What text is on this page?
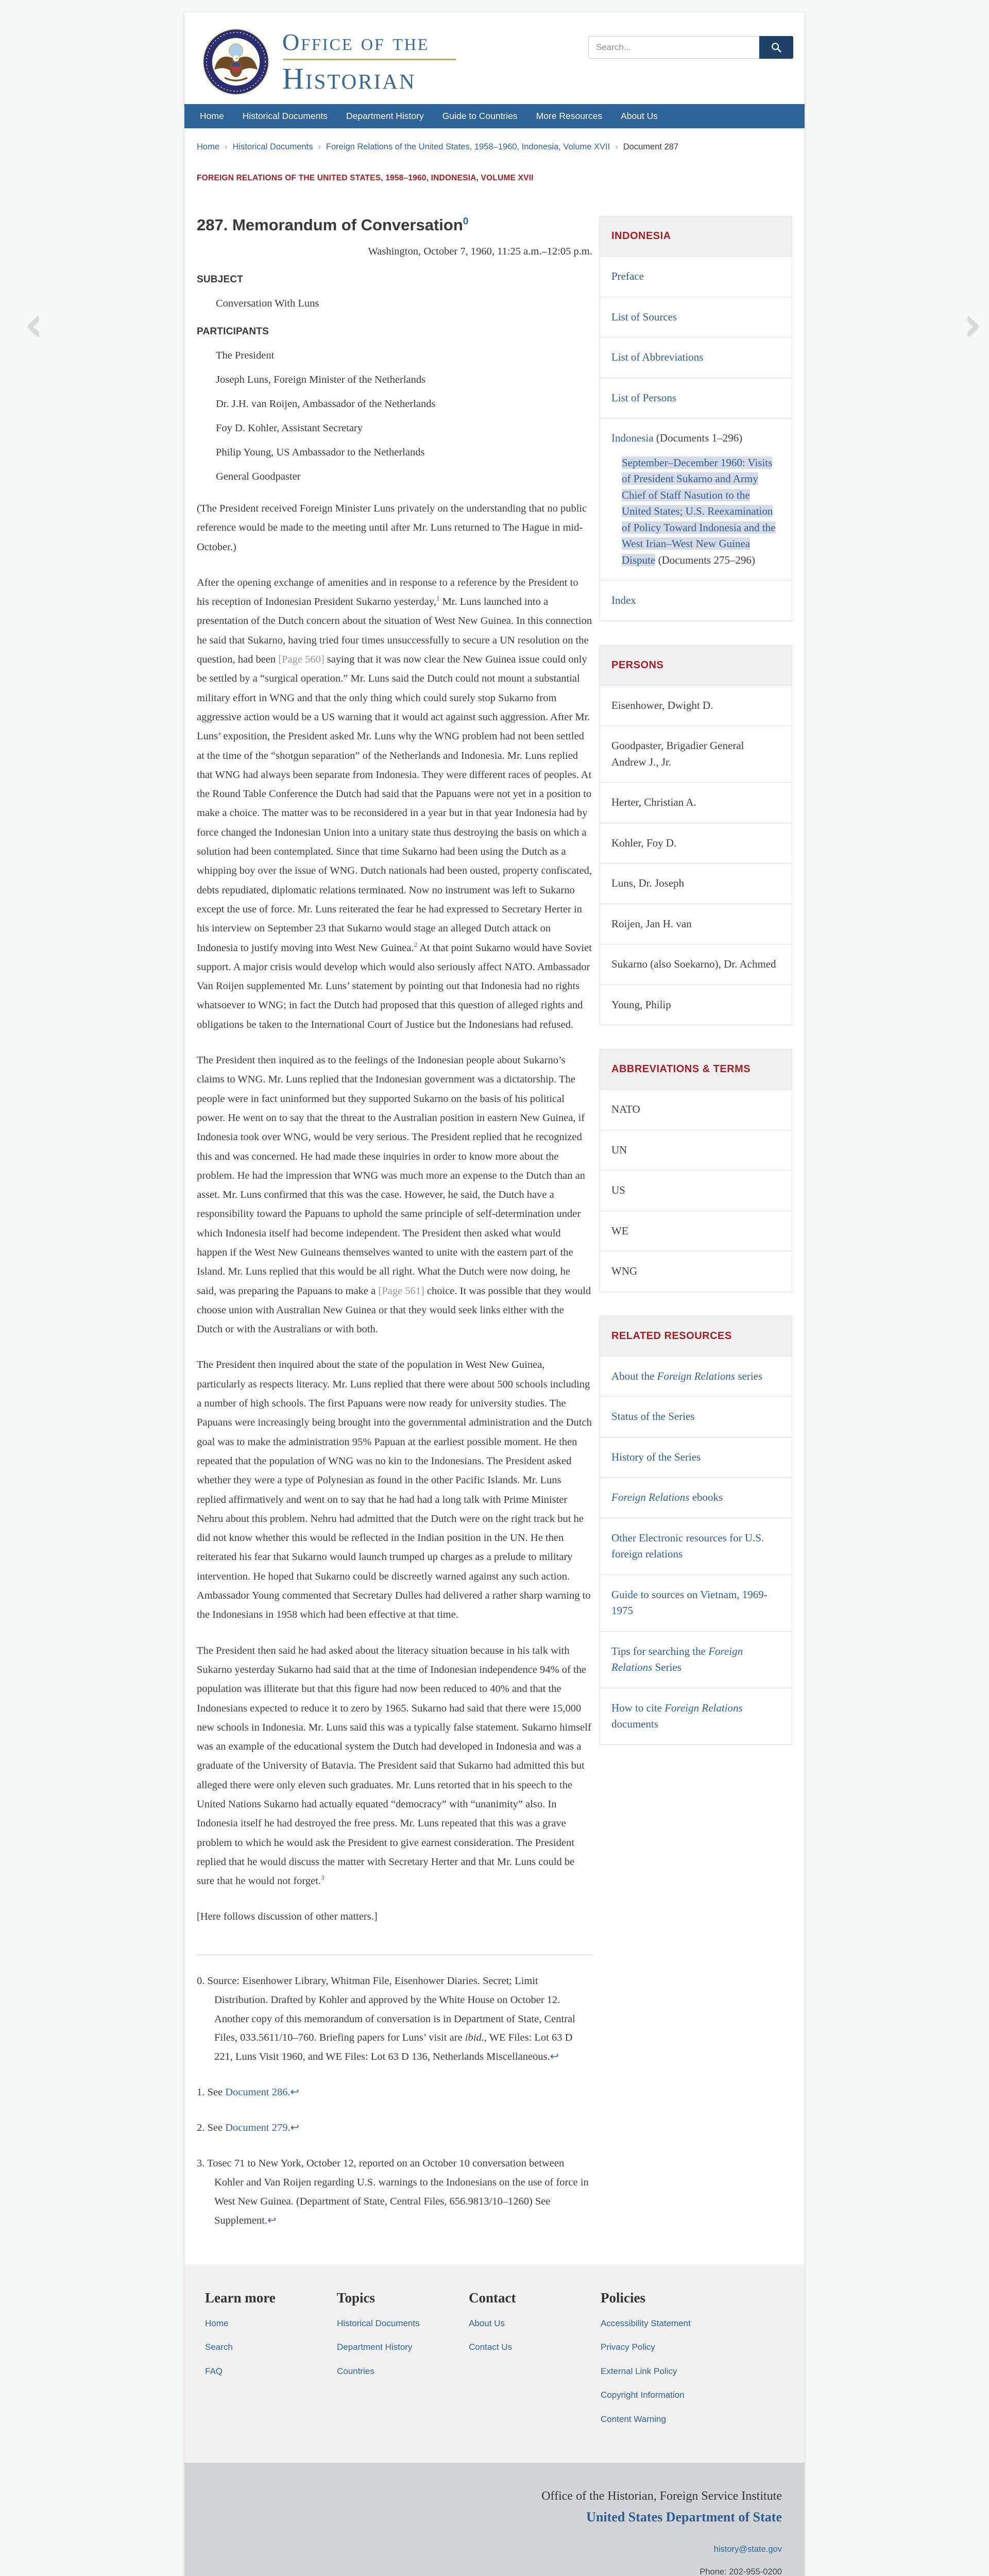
‹	›
Office of the
Historian
Search...
Home	Historical Documents	Department History	Guide to Countries	More Resources	About Us
Home › Historical Documents › Foreign Relations of the United States, 1958–1960, Indonesia, Volume XVII › Document 287
FOREIGN RELATIONS OF THE UNITED STATES, 1958–1960, INDONESIA, VOLUME XVII
287. Memorandum of Conversation$^0$
Washington, October 7, 1960, 11:25 a.m.–12:05 p.m.
SUBJECT
Conversation With Luns
PARTICIPANTS
The President
Joseph Luns, Foreign Minister of the Netherlands
Dr. J.H. van Roijen, Ambassador of the Netherlands
Foy D. Kohler, Assistant Secretary
Philip Young, US Ambassador to the Netherlands
General Goodpaster

(The President received Foreign Minister Luns privately on the understanding that no public reference would be made to the meeting until after Mr. Luns returned to The Hague in mid-October.)

After the opening exchange of amenities and in response to a reference by the President to his reception of Indonesian President Sukarno yesterday,$^1$ Mr. Luns launched into a presentation of the Dutch concern about the situation of West New Guinea. In this connection he said that Sukarno, having tried four times unsuccessfully to secure a UN resolution on the question, had been [Page 560] saying that it was now clear the New Guinea issue could only be settled by a “surgical operation.” Mr. Luns said the Dutch could not mount a substantial military effort in WNG and that the only thing which could surely stop Sukarno from aggressive action would be a US warning that it would act against such aggression. After Mr. Luns’ exposition, the President asked Mr. Luns why the WNG problem had not been settled at the time of the “shotgun separation” of the Netherlands and Indonesia. Mr. Luns replied that WNG had always been separate from Indonesia. They were different races of peoples. At the Round Table Conference the Dutch had said that the Papuans were not yet in a position to make a choice. The matter was to be reconsidered in a year but in that year Indonesia had by force changed the Indonesian Union into a unitary state thus destroying the basis on which a solution had been contemplated. Since that time Sukarno had been using the Dutch as a whipping boy over the issue of WNG. Dutch nationals had been ousted, property confiscated, debts repudiated, diplomatic relations terminated. Now no instrument was left to Sukarno except the use of force. Mr. Luns reiterated the fear he had expressed to Secretary Herter in his interview on September 23 that Sukarno would stage an alleged Dutch attack on Indonesia to justify moving into West New Guinea.$^2$ At that point Sukarno would have Soviet support. A major crisis would develop which would also seriously affect NATO. Ambassador Van Roijen supplemented Mr. Luns’ statement by pointing out that Indonesia had no rights whatsoever to WNG; in fact the Dutch had proposed that this question of alleged rights and obligations be taken to the International Court of Justice but the Indonesians had refused.

The President then inquired as to the feelings of the Indonesian people about Sukarno’s claims to WNG. Mr. Luns replied that the Indonesian government was a dictatorship. The people were in fact uninformed but they supported Sukarno on the basis of his political power. He went on to say that the threat to the Australian position in eastern New Guinea, if Indonesia took over WNG, would be very serious. The President replied that he recognized this and was concerned. He had made these inquiries in order to know more about the problem. He had the impression that WNG was much more an expense to the Dutch than an asset. Mr. Luns confirmed that this was the case. However, he said, the Dutch have a responsibility toward the Papuans to uphold the same principle of self-determination under which Indonesia itself had become independent. The President then asked what would happen if the West New Guineans themselves wanted to unite with the eastern part of the Island. Mr. Luns replied that this would be all right. What the Dutch were now doing, he said, was preparing the Papuans to make a [Page 561] choice. It was possible that they would choose union with Australian New Guinea or that they would seek links either with the Dutch or with the Australians or with both.

The President then inquired about the state of the population in West New Guinea, particularly as respects literacy. Mr. Luns replied that there were about 500 schools including a number of high schools. The first Papuans were now ready for university studies. The Papuans were increasingly being brought into the governmental administration and the Dutch goal was to make the administration 95% Papuan at the earliest possible moment. He then repeated that the population of WNG was no kin to the Indonesians. The President asked whether they were a type of Polynesian as found in the other Pacific Islands. Mr. Luns replied affirmatively and went on to say that he had had a long talk with Prime Minister Nehru about this problem. Nehru had admitted that the Dutch were on the right track but he did not know whether this would be reflected in the Indian position in the UN. He then reiterated his fear that Sukarno would launch trumped up charges as a prelude to military intervention. He hoped that Sukarno could be discreetly warned against any such action. Ambassador Young commented that Secretary Dulles had delivered a rather sharp warning to the Indonesians in 1958 which had been effective at that time.

The President then said he had asked about the literacy situation because in his talk with Sukarno yesterday Sukarno had said that at the time of Indonesian independence 94% of the population was illiterate but that this figure had now been reduced to 40% and that the Indonesians expected to reduce it to zero by 1965. Sukarno had said that there were 15,000 new schools in Indonesia. Mr. Luns said this was a typically false statement. Sukarno himself was an example of the educational system the Dutch had developed in Indonesia and was a graduate of the University of Batavia. The President said that Sukarno had admitted this but alleged there were only eleven such graduates. Mr. Luns retorted that in his speech to the United Nations Sukarno had actually equated “democracy” with “unanimity” also. In Indonesia itself he had destroyed the free press. Mr. Luns repeated that this was a grave problem to which he would ask the President to give earnest consideration. The President replied that he would discuss the matter with Secretary Herter and that Mr. Luns could be sure that he would not forget.$^3$

[Here follows discussion of other matters.]

0. Source: Eisenhower Library, Whitman File, Eisenhower Diaries. Secret; Limit Distribution. Drafted by Kohler and approved by the White House on October 12. Another copy of this memorandum of conversation is in Department of State, Central Files, 033.5611/10–760. Briefing papers for Luns’ visit are ibid., WE Files: Lot 63 D 221, Luns Visit 1960, and WE Files: Lot 63 D 136, Netherlands Miscellaneous.↩
1. See Document 286.↩
2. See Document 279.↩
3. Tosec 71 to New York, October 12, reported on an October 10 conversation between Kohler and Van Roijen regarding U.S. warnings to the Indonesians on the use of force in West New Guinea. (Department of State, Central Files, 656.9813/10–1260) See Supplement.↩
INDONESIA
Preface
List of Sources
List of Abbreviations
List of Persons
Indonesia (Documents 1–296)
September–December 1960: Visits of President Sukarno and Army Chief of Staff Nasution to the United States; U.S. Reexamination of Policy Toward Indonesia and the West Irian–West New Guinea Dispute (Documents 275–296)
Index
PERSONS
Eisenhower, Dwight D.
Goodpaster, Brigadier General Andrew J., Jr.
Herter, Christian A.
Kohler, Foy D.
Luns, Dr. Joseph
Roijen, Jan H. van
Sukarno (also Soekarno), Dr. Achmed
Young, Philip
ABBREVIATIONS & TERMS
NATO
UN
US
WE
WNG
RELATED RESOURCES
About the Foreign Relations series
Status of the Series
History of the Series
Foreign Relations ebooks
Other Electronic resources for U.S. foreign relations
Guide to sources on Vietnam, 1969-1975
Tips for searching the Foreign Relations Series
How to cite Foreign Relations documents
Learn more
Home
Search
FAQ
Topics
Historical Documents
Department History
Countries
Contact
About Us
Contact Us
Policies
Accessibility Statement
Privacy Policy
External Link Policy
Copyright Information
Content Warning
Office of the Historian, Foreign Service Institute
United States Department of State
history@state.gov
Phone: 202-955-0200
